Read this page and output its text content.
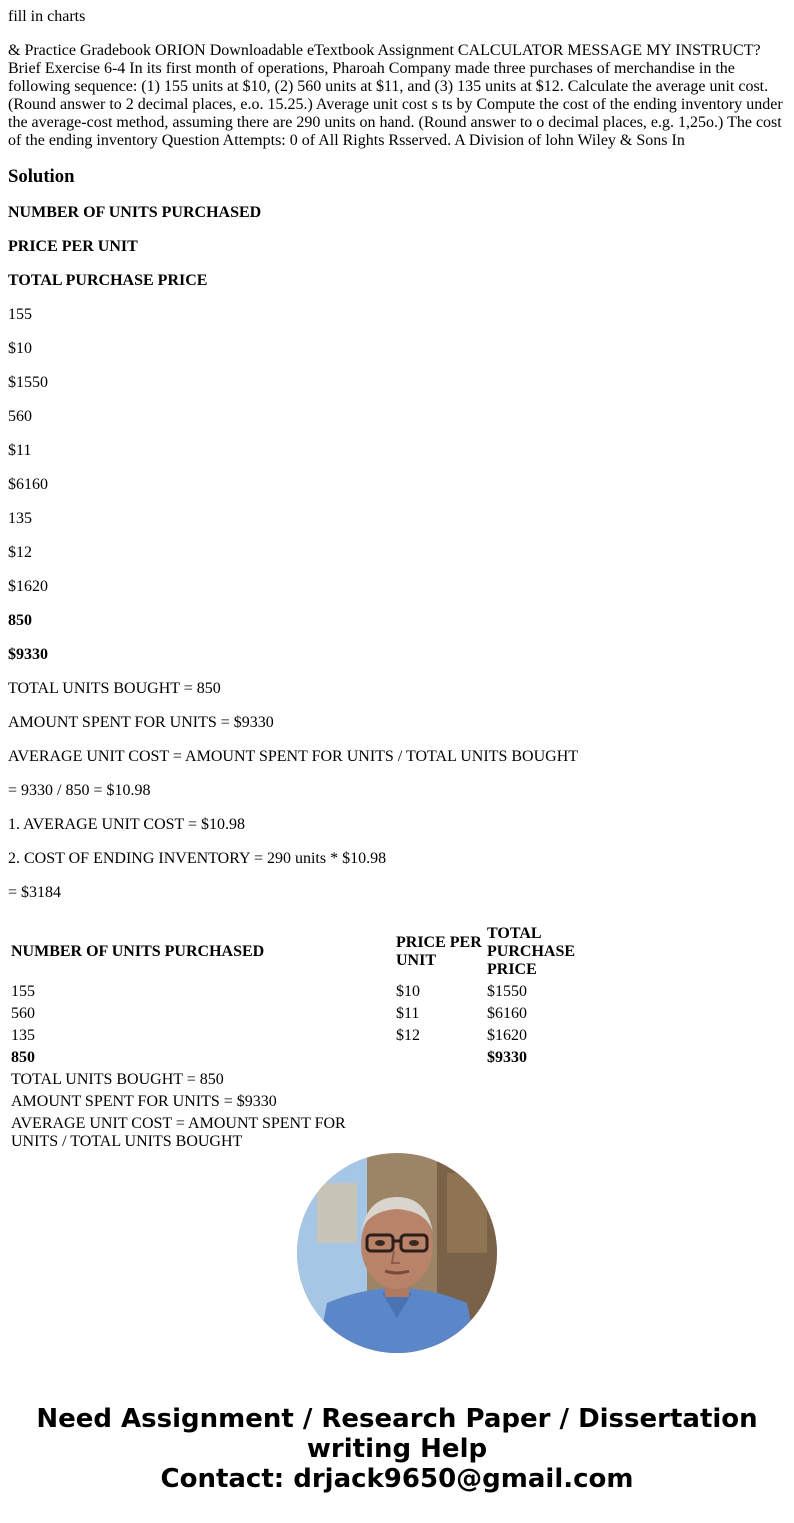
fill in charts

& Practice Gradebook ORION Downloadable eTextbook Assignment CALCULATOR MESSAGE MY INSTRUCT? Brief Exercise 6-4 In its first month of operations, Pharoah Company made three purchases of merchandise in the following sequence: (1) 155 units at $10, (2) 560 units at $11, and (3) 135 units at $12. Calculate the average unit cost. (Round answer to 2 decimal places, e.o. 15.25.) Average unit cost s ts by Compute the cost of the ending inventory under the average-cost method, assuming there are 290 units on hand. (Round answer to o decimal places, e.g. 1,25o.) The cost of the ending inventory Question Attempts: 0 of All Rights Rsserved. A Division of lohn Wiley & Sons In

Solution

NUMBER OF UNITS PURCHASED

PRICE PER UNIT

TOTAL PURCHASE PRICE

155

$10

$1550

560

$11

$6160

135

$12

$1620

850

$9330

TOTAL UNITS BOUGHT = 850

AMOUNT SPENT FOR UNITS = $9330

AVERAGE UNIT COST = AMOUNT SPENT FOR UNITS / TOTAL UNITS BOUGHT

= 9330 / 850 = $10.98

1. AVERAGE UNIT COST = $10.98

2. COST OF ENDING INVENTORY = 290 units * $10.98

= $3184

NUMBER OF UNITS PURCHASED	PRICE PER UNIT	TOTAL PURCHASE PRICE
155	$10	$1550
560	$11	$6160
135	$12	$1620
850		$9330
TOTAL UNITS BOUGHT = 850		
AMOUNT SPENT FOR UNITS = $9330		
AVERAGE UNIT COST = AMOUNT SPENT FOR UNITS / TOTAL UNITS BOUGHT		
Need Assignment / Research Paper / Dissertation
writing Help
Contact: drjack9650@gmail.com
